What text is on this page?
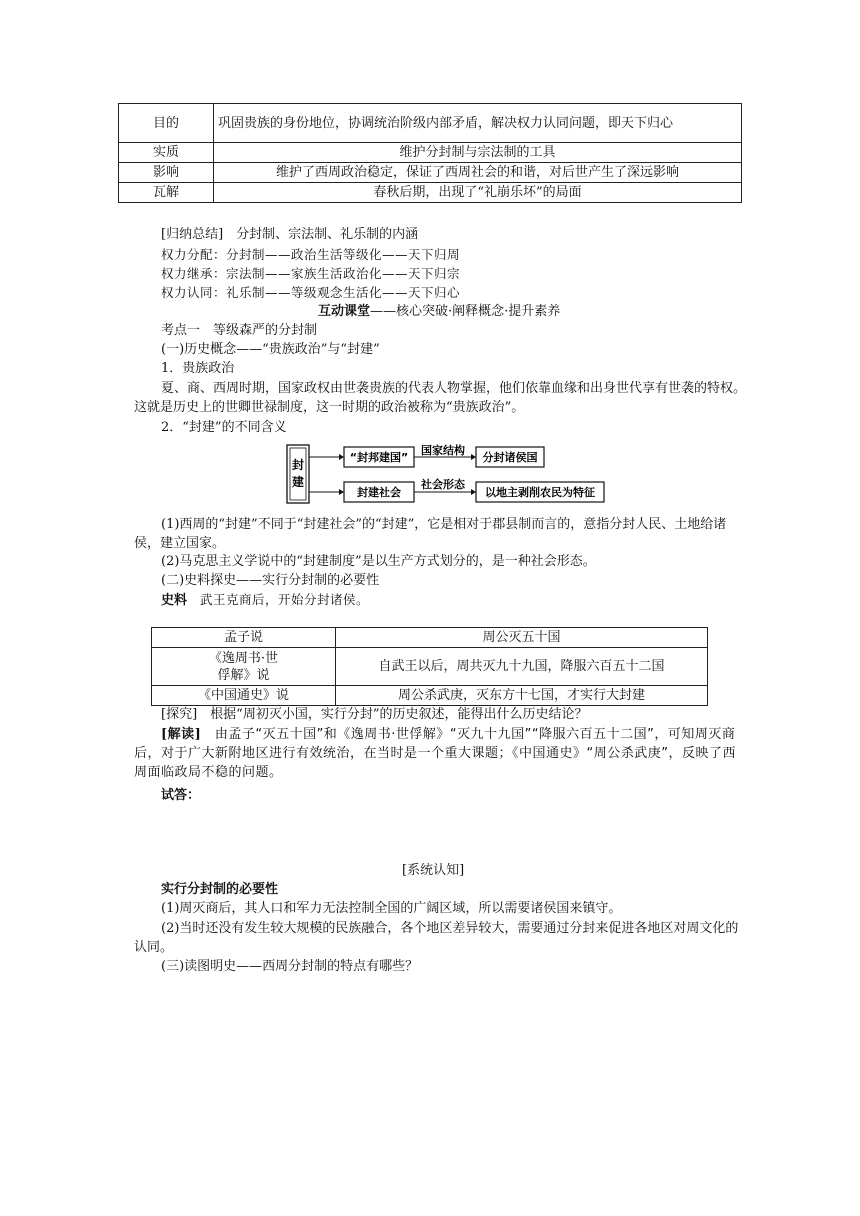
目的	巩固贵族的身份地位，协调统治阶级内部矛盾，解决权力认同问题，即天下归心
实质	维护分封制与宗法制的工具
影响	维护了西周政治稳定，保证了西周社会的和谐，对后世产生了深远影响
瓦解	春秋后期，出现了“礼崩乐坏”的局面
[归纳总结]　分封制、宗法制、礼乐制的内涵
权力分配：分封制——政治生活等级化——天下归周
权力继承：宗法制——家族生活政治化——天下归宗
权力认同：礼乐制——等级观念生活化——天下归心
互动课堂——核心突破·阐释概念·提升素养
考点一　等级森严的分封制
(一)历史概念——“贵族政治”与“封建”
1．贵族政治
夏、商、西周时期，国家政权由世袭贵族的代表人物掌握，他们依靠血缘和出身世代享有世袭的特权。这就是历史上的世卿世禄制度，这一时期的政治被称为“贵族政治”。
2．“封建”的不同含义
封建
“封邦建国”
国家结构
分封诸侯国
封建社会
社会形态
以地主剥削农民为特征
(1)西周的“封建”不同于“封建社会”的“封建”，它是相对于郡县制而言的，意指分封人民、土地给诸侯，建立国家。
(2)马克思主义学说中的“封建制度”是以生产方式划分的，是一种社会形态。
(二)史料探史——实行分封制的必要性
史料　 武王克商后，开始分封诸侯。
孟子说	周公灭五十国
《逸周书·世
俘解》说	自武王以后，周共灭九十九国，降服六百五十二国
《中国通史》说	周公杀武庚，灭东方十七国，才实行大封建
[探究]　 根据“周初灭小国，实行分封”的历史叙述，能得出什么历史结论？
[解读]　 由孟子“灭五十国”和《逸周书·世俘解》“灭九十九国”“降服六百五十二国”，可知周灭商后，对于广大新附地区进行有效统治，在当时是一个重大课题；《中国通史》“周公杀武庚”，反映了西周面临政局不稳的问题。
试答：
[系统认知]
实行分封制的必要性
(1)周灭商后，其人口和军力无法控制全国的广阔区域，所以需要诸侯国来镇守。
(2)当时还没有发生较大规模的民族融合，各个地区差异较大，需要通过分封来促进各地区对周文化的认同。
(三)读图明史——西周分封制的特点有哪些？
